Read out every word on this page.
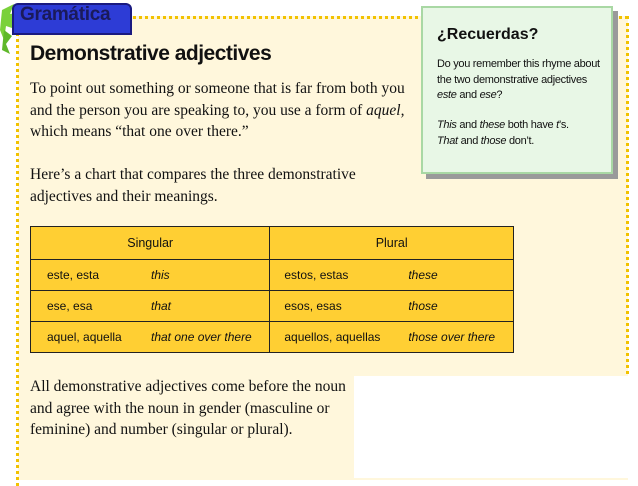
Gramática
Demonstrative adjectives
To point out something or someone that is far from both you and the person you are speaking to, you use a form of aquel, which means “that one over there.”
Here’s a chart that compares the three demonstrative adjectives and their meanings.
¿Recuerdas?
Do you remember this rhyme about the two demonstrative adjectives este and ese?
This and these both have t’s.
That and those don’t.
Singular	Plural

este, esta this	estos, estas these

ese, esa that	esos, esas those

aquel, aquella that one over there	aquellos, aquellas those over there
All demonstrative adjectives come before the noun and agree with the noun in gender (masculine or feminine) and number (singular or plural).
